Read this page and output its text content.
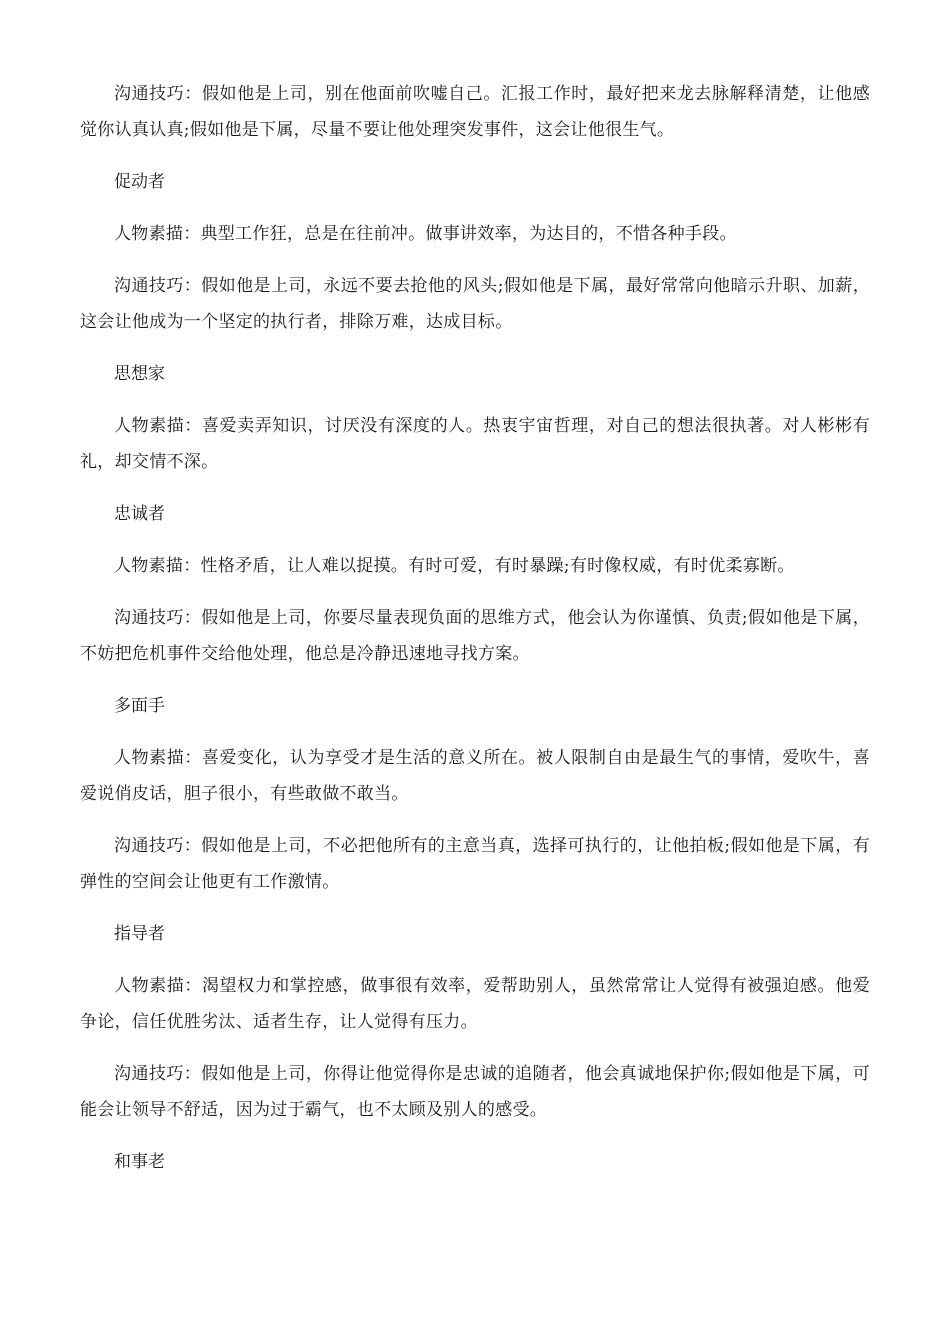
沟通技巧：假如他是上司，别在他面前吹嘘自己。汇报工作时，最好把来龙去脉解释清楚，让他感觉你认真认真;假如他是下属，尽量不要让他处理突发事件，这会让他很生气。

促动者

人物素描：典型工作狂，总是在往前冲。做事讲效率，为达目的，不惜各种手段。

沟通技巧：假如他是上司，永远不要去抢他的风头;假如他是下属，最好常常向他暗示升职、加薪，这会让他成为一个坚定的执行者，排除万难，达成目标。

思想家

人物素描：喜爱卖弄知识，讨厌没有深度的人。热衷宇宙哲理，对自己的想法很执著。对人彬彬有礼，却交情不深。

忠诚者

人物素描：性格矛盾，让人难以捉摸。有时可爱，有时暴躁;有时像权威，有时优柔寡断。

沟通技巧：假如他是上司，你要尽量表现负面的思维方式，他会认为你谨慎、负责;假如他是下属，不妨把危机事件交给他处理，他总是冷静迅速地寻找方案。

多面手

人物素描：喜爱变化，认为享受才是生活的意义所在。被人限制自由是最生气的事情，爱吹牛，喜爱说俏皮话，胆子很小，有些敢做不敢当。

沟通技巧：假如他是上司，不必把他所有的主意当真，选择可执行的，让他拍板;假如他是下属，有弹性的空间会让他更有工作激情。

指导者

人物素描：渴望权力和掌控感，做事很有效率，爱帮助别人，虽然常常让人觉得有被强迫感。他爱争论，信任优胜劣汰、适者生存，让人觉得有压力。

沟通技巧：假如他是上司，你得让他觉得你是忠诚的追随者，他会真诚地保护你;假如他是下属，可能会让领导不舒适，因为过于霸气，也不太顾及别人的感受。

和事老
